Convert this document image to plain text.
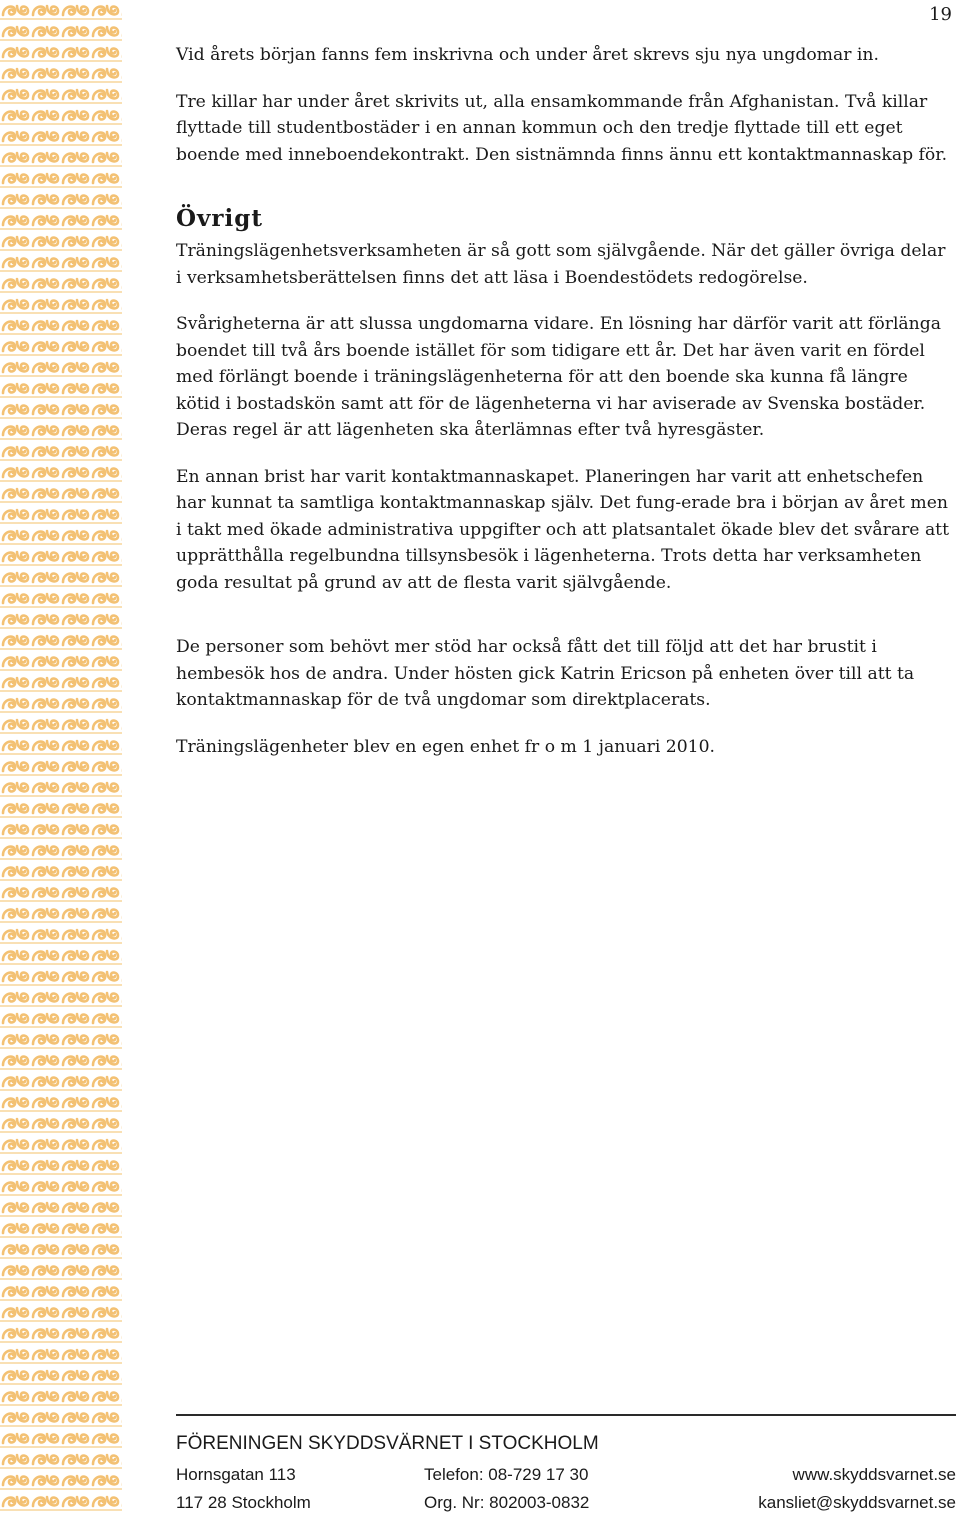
19

Vid årets början fanns fem inskrivna och under året skrevs sju nya ungdomar in.

Tre killar har under året skrivits ut, alla ensamkommande från Afghanistan. Två killar flyttade till studentbostäder i en annan kommun och den tredje flyttade till ett eget boende med inneboendekontrakt. Den sistnämnda finns ännu ett kontaktmannaskap för.

Övrigt

Träningslägenhetsverksamheten är så gott som självgående. När det gäller övriga delar i verksamhetsberättelsen finns det att läsa i Boendestödets redogörelse.

Svårigheterna är att slussa ungdomarna vidare. En lösning har därför varit att förlänga boendet till två års boende istället för som tidigare ett år. Det har även varit en fördel med förlängt boende i träningslägenheterna för att den boende ska kunna få längre kötid i bostadskön samt att för de lägenheterna vi har aviserade av Svenska bostäder. Deras regel är att lägenheten ska återlämnas efter två hyresgäster.

En annan brist har varit kontaktmannaskapet. Planeringen har varit att enhetschefen har kunnat ta samtliga kontaktmannaskap själv. Det fung-erade bra i början av året men i takt med ökade administrativa uppgifter och att platsantalet ökade blev det svårare att upprätthålla regelbundna tillsynsbesök i lägenheterna. Trots detta har verksamheten goda resultat på grund av att de flesta varit självgående.

De personer som behövt mer stöd har också fått det till följd att det har brustit i hembesök hos de andra. Under hösten gick Katrin Ericson på enheten över till att ta kontaktmannaskap för de två ungdomar som direktplacerats.

Träningslägenheter blev en egen enhet fr o m 1 januari 2010.

FÖRENINGEN SKYDDSVÄRNET I STOCKHOLM
Hornsgatan 113	Telefon: 08-729 17 30	www.skyddsvarnet.se
117 28 Stockholm	Org. Nr: 802003-0832	kansliet@skyddsvarnet.se
